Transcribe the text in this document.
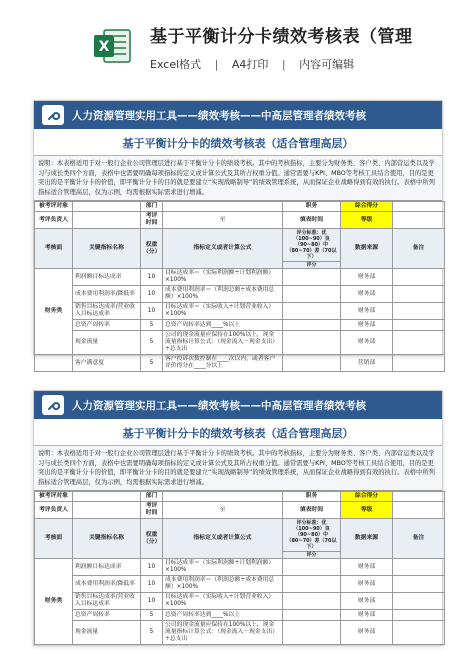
X 基于平衡计分卡绩效考核表（管理
Excel格式 | A4打印 | 内容可编辑
人力资源管理实用工具——绩效考核——中高层管理者绩效考核
基于平衡计分卡的绩效考核表（适合管理高层）
说明：本表格适用于对一般行企业公司管理层进行基于平衡计分卡的绩效考核。其中的考核指标，主要分为财务类、客户类、内部营运类以及学习与成长类四个方面，表格中也需要明确每项指标的定义或计算公式及其所占权重分值。通常需要与KPI、MBO等考核工具结合使用，目的是更突出的是平衡计分卡的价值，即平衡计分卡的目的就是要建立“实现战略制导”的绩效管理系统，从而保证企业战略得到有效的执行。表格中所列指标适合管理高层，仅为示例，均需根据实际需求进行增减。
被考评对象		部门		职务	综合得分	
考评负责人		考评时间	至	填表时间	等级	
考核面	关键指标名称	权重（分）	指标定义或者计算公式	评分标准：优（100~90）良（90~80）中（80~70）差（70以下）
评分	数据来源	备注
财务类	利润额目标达成率	10	目标达成率＝（实际利润额÷计划利润额）×100%		财务部	
	成本费用利润率/降低率	10	成本费用利润率＝（利润总额÷成本费用总额）×100%		财务部	
	销售目标达成率/营业收入目标达成率	10	目标达成率＝（实际收入÷计划营业收入）×100%		财务部	
	总资产周转率	5	总资产周转率达到____%以上		财务部	
	现金流量	5	公司的现金流量应保持在100%以上，现金流量指标计算公式：（现金流入－现金支出）÷总支出		财务部	
	客户满意度	5	客户投诉次数控制在____次以内，或者客户评价得分在____分以上		营销部	
人力资源管理实用工具——绩效考核——中高层管理者绩效考核
基于平衡计分卡的绩效考核表（适合管理高层）
说明：本表格适用于对一般行企业公司管理层进行基于平衡计分卡的绩效考核。其中的考核指标，主要分为财务类、客户类、内部营运类以及学习与成长类四个方面，表格中也需要明确每项指标的定义或计算公式及其所占权重分值。通常需要与KPI、MBO等考核工具结合使用，目的是更突出的是平衡计分卡的价值，即平衡计分卡的目的就是要建立“实现战略制导”的绩效管理系统，从而保证企业战略得到有效的执行。表格中所列指标适合管理高层，仅为示例，均需根据实际需求进行增减。
被考评对象		部门		职务	综合得分	
考评负责人		考评时间	至	填表时间	等级	
考核面	关键指标名称	权重（分）	指标定义或者计算公式	评分标准：优（100~90）良（90~80）中（80~70）差（70以下）
评分	数据来源	备注
财务类	利润额目标达成率	10	目标达成率＝（实际利润额÷计划利润额）×100%		财务部	
	成本费用利润率/降低率	10	成本费用利润率＝（利润总额÷成本费用总额）×100%		财务部	
	销售目标达成率/营业收入目标达成率	10	目标达成率＝（实际收入÷计划营业收入）×100%		财务部	
	总资产周转率	5	总资产周转率达到____%以上		财务部	
	现金流量	5	公司的现金流量应保持在100%以上，现金流量指标计算公式：（现金流入－现金支出）÷总支出		财务部	
